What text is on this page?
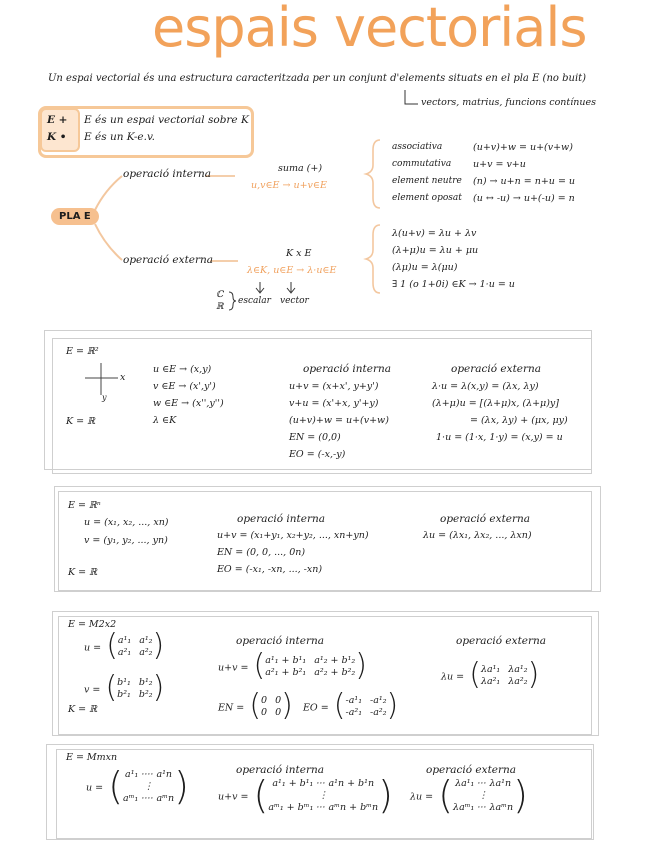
espais vectorials
Un espai vectorial és una estructura caracteritzada per un conjunt d'elements situats en el pla E (no buit)
vectors, matrius, funcions contínues
E + E és un espai vectorial sobre K
K • E és un K-e.v.
PLA E
operació interna	suma (+)
u,v∈E → u+v∈E
associativa	(u+v)+w = u+(v+w)
commutativa u+v = v+u
element neutre (n) → u+n = n+u = u
element oposat (u ↔ -u) → u+(-u) = n
operació externa
K x E
λ∈K, u∈E → λ·u∈E
ℂ
ℝ
escalar vector
λ(u+v) = λu + λv
(λ+μ)u = λu + μu
(λμ)u = λ(μu)
∃ 1 (o 1+0i) ∈K → 1·u = u
E = ℝ²
x
y
K = ℝ
u ∈E → (x,y)
v ∈E → (x',y')
w ∈E → (x'',y'')
λ ∈K
operació interna
u+v = (x+x', y+y')
v+u = (x'+x, y'+y)
(u+v)+w = u+(v+w)
EN = (0,0)
EO = (-x,-y)
operació externa
λ·u = λ(x,y) = (λx, λy)
(λ+μ)u = [(λ+μ)x, (λ+μ)y]
= (λx, λy) + (μx, μy)
1·u = (1·x, 1·y) = (x,y) = u
E = ℝⁿ
u = (x₁, x₂, ..., xn)
v = (y₁, y₂, ..., yn)
K = ℝ
operació interna
u+v = (x₁+y₁, x₂+y₂, ..., xn+yn)
EN = (0, 0, ..., 0n)
EO = (-x₁, -xn, ..., -xn)
operació externa
λu = (λx₁, λx₂, ..., λxn)
E = M2x2
K = ℝ
u = ( a¹₁ a¹₂
a²₁ a²₂ )
v = ( b¹₁ b¹₂
b²₁ b²₂ )
operació interna
u+v = ( a¹₁ + b¹₁ a¹₂ + b¹₂
a²₁ + b²₁ a²₂ + b²₂ )
EN = ( 0 0
0 0 ) EO = ( -a¹₁ -a¹₂
-a²₁ -a²₂ )
operació externa
λu = ( λa¹₁ λa¹₂
λa²₁ λa²₂ )
E = Mmxn
u = ( a¹₁ ···· a¹n
⋮
aᵐ₁ ···· aᵐn )	operació interna
u+v = ( a¹₁ + b¹₁ ··· a¹n + b¹n
⋮
aᵐ₁ + bᵐ₁ ··· aᵐn + bᵐn )
operació externa
λu = ( λa¹₁ ··· λa¹n
⋮
λaᵐ₁ ··· λaᵐn )
